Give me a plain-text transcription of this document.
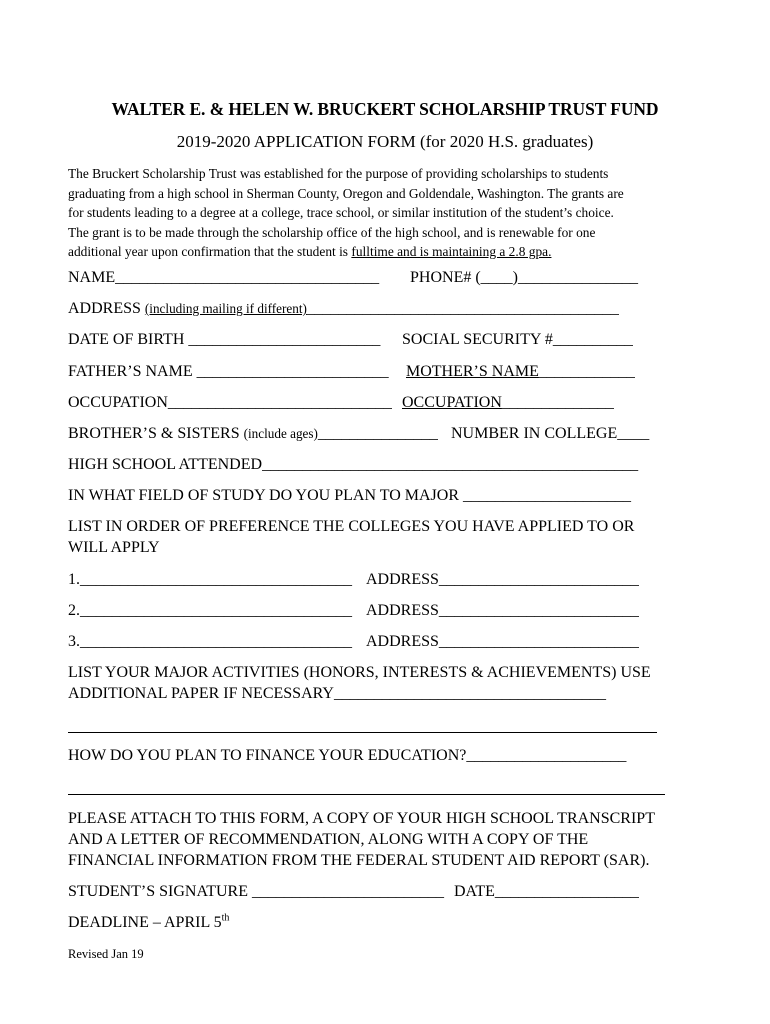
WALTER E. & HELEN W. BRUCKERT SCHOLARSHIP TRUST FUND
2019-2020 APPLICATION FORM (for 2020 H.S. graduates)
The Bruckert Scholarship Trust was established for the purpose of providing scholarships to students
graduating from a high school in Sherman County, Oregon and Goldendale, Washington. The grants are
for students leading to a degree at a college, trace school, or similar institution of the student’s choice.
The grant is to be made through the scholarship office of the high school, and is renewable for one
additional year upon confirmation that the student is fulltime and is maintaining a 2.8 gpa.
NAME_________________________________ PHONE# (____)_______________
ADDRESS (including mailing if different)_______________________________________
DATE OF BIRTH ________________________ SOCIAL SECURITY #__________
FATHER’S NAME ________________________ MOTHER’S NAME____________
OCCUPATION____________________________ OCCUPATION______________
BROTHER’S & SISTERS (include ages)_______________ NUMBER IN COLLEGE____
HIGH SCHOOL ATTENDED_______________________________________________
IN WHAT FIELD OF STUDY DO YOU PLAN TO MAJOR _____________________
LIST IN ORDER OF PREFERENCE THE COLLEGES YOU HAVE APPLIED TO OR
WILL APPLY
1.__________________________________ ADDRESS_________________________
2.__________________________________ ADDRESS_________________________
3.__________________________________ ADDRESS_________________________
LIST YOUR MAJOR ACTIVITIES (HONORS, INTERESTS & ACHIEVEMENTS) USE
ADDITIONAL PAPER IF NECESSARY__________________________________
HOW DO YOU PLAN TO FINANCE YOUR EDUCATION?____________________
PLEASE ATTACH TO THIS FORM, A COPY OF YOUR HIGH SCHOOL TRANSCRIPT
AND A LETTER OF RECOMMENDATION, ALONG WITH A COPY OF THE
FINANCIAL INFORMATION FROM THE FEDERAL STUDENT AID REPORT (SAR).
STUDENT’S SIGNATURE ________________________ DATE__________________
DEADLINE – APRIL 5th
Revised Jan 19
